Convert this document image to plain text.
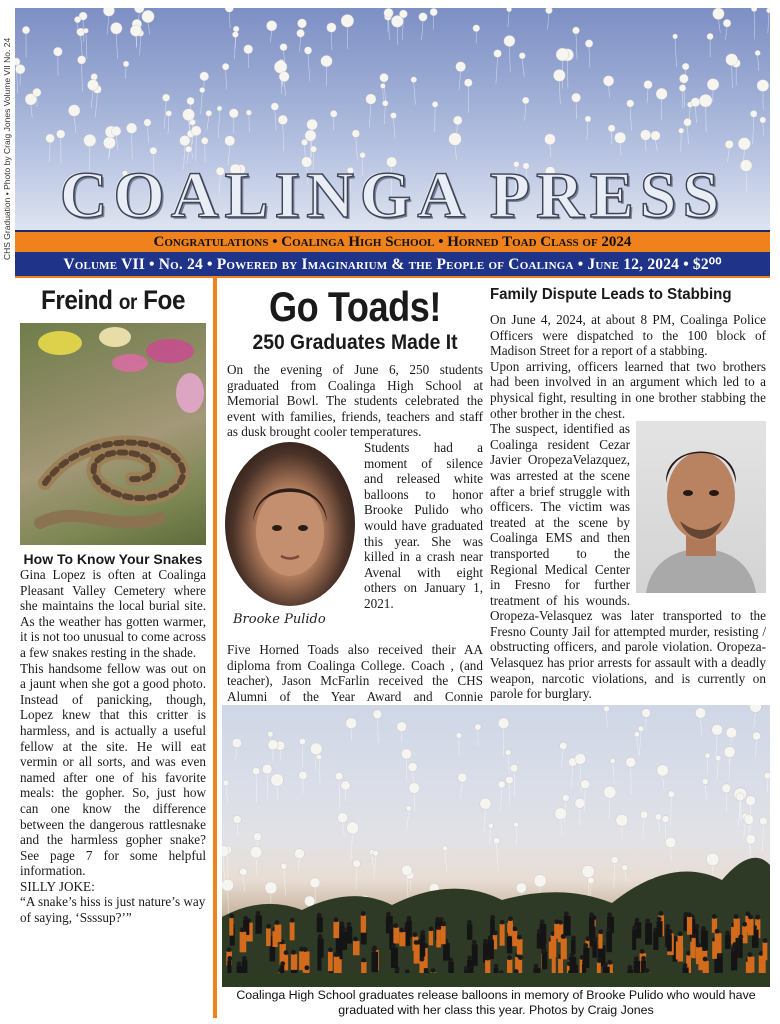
CHS Graduation • Photo by Craig Jones Volume VII No. 24 COALINGA PRESS
Congratulations • Coalinga High School • Horned Toad Class of 2024
Volume VII • No. 24 • Powered by Imaginarium & the People of Coalinga • June 12, 2024 • $2⁰⁰
Freind or Foe
How To Know Your Snakes

Gina Lopez is often at Coalinga Pleasant Valley Cemetery where she maintains the local burial site. As the weather has gotten warmer, it is not too unusual to come across a few snakes resting in the shade.

This handsome fellow was out on a jaunt when she got a good photo. Instead of panicking, though, Lopez knew that this critter is harmless, and is actually a useful fellow at the site. He will eat vermin or all sorts, and was even named after one of his favorite meals: the gopher. So, just how can one know the difference between the dangerous rattlesnake and the harmless gopher snake? See page 7 for some helpful information.

SILLY JOKE:

“A snake’s hiss is just nature’s way of saying, ‘Ssssup?’”

Go Toads!
250 Graduates Made It

On the evening of June 6, 250 students graduated from Coalinga High School at Memorial Bowl. The students celebrated the event with families, friends, teachers and staff as dusk brought cooler temperatures.

Brooke Pulido

Students had a moment of silence and released white balloons to honor Brooke Pulido who would have graduated this year. She was killed in a crash near Avenal with eight others on January 1, 2021.

Five Horned Toads also received their AA diploma from Coalinga College. Coach , (and teacher), Jason McFarlin received the CHS Alumni of the Year Award and Connie

Family Dispute Leads to Stabbing

On June 4, 2024, at about 8 PM, Coalinga Police Officers were dispatched to the 100 block of Madison Street for a report of a stabbing.

Upon arriving, officers learned that two brothers had been involved in an argument which led to a physical fight, resulting in one brother stabbing the other brother in the chest.

The suspect, identified as Coalinga resident Cezar Javier OropezaVelazquez, was arrested at the scene after a brief struggle with officers. The victim was treated at the scene by Coalinga EMS and then transported to the Regional Medical Center in Fresno for further treatment of his wounds. Oropeza-Velasquez was later transported to the Fresno County Jail for attempted murder, resisting / obstructing officers, and parole violation. Oropeza-Velasquez has prior arrests for assault with a deadly weapon, narcotic violations, and is currently on parole for burglary.

Coalinga High School graduates release balloons in memory of Brooke Pulido who would have graduated with her class this year. Photos by Craig Jones
